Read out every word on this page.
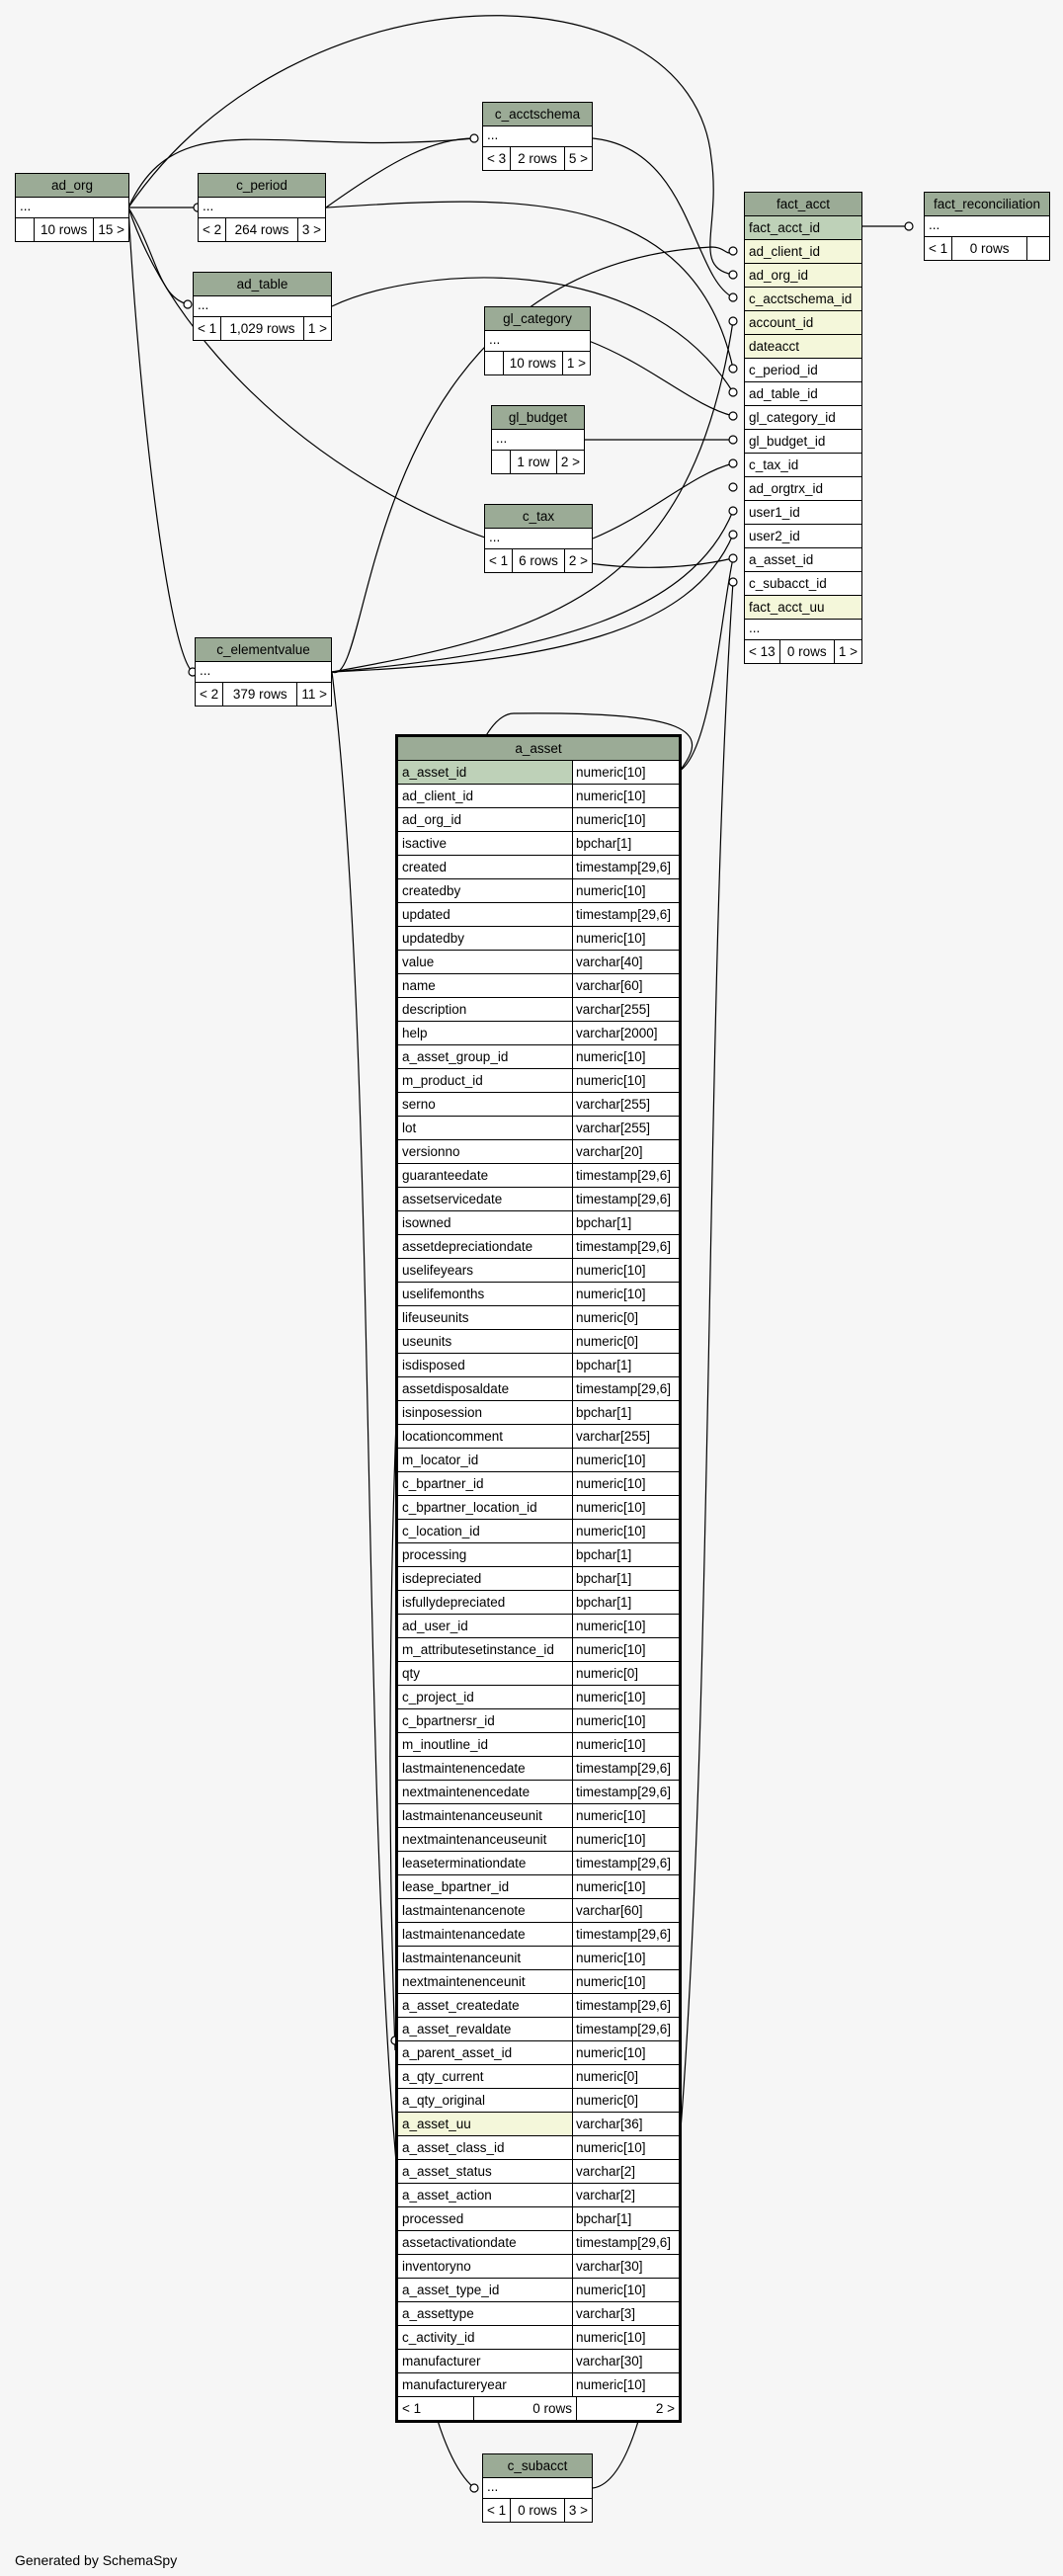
ad_org
...
10 rows 15 >
c_period
...
< 2 264 rows 3 >
ad_table
...
< 1 1,029 rows 1 >
c_acctschema
...
< 3 2 rows 5 >
gl_category
...
10 rows 1 >
gl_budget
...
1 row 2 >
c_tax
...
< 1 6 rows 2 >
c_elementvalue
...
< 2	379 rows	11 >
fact_reconciliation
...
< 1	0 rows
fact_acct
fact_acct_id
ad_client_id
ad_org_id
c_acctschema_id
account_id
dateacct
c_period_id
ad_table_id
gl_category_id
gl_budget_id
c_tax_id
ad_orgtrx_id
user1_id
user2_id
a_asset_id
c_subacct_id
fact_acct_uu
...
< 13 0 rows 1 >
c_subacct
...
< 1 0 rows 3 >
a_asset
a_asset_id	numeric[10]
ad_client_id	numeric[10]
ad_org_id	numeric[10]
isactive	bpchar[1]
created	timestamp[29,6]
createdby	numeric[10]
updated	timestamp[29,6]
updatedby	numeric[10]
value	varchar[40]
name	varchar[60]
description	varchar[255]
help	varchar[2000]
a_asset_group_id	numeric[10]
m_product_id	numeric[10]
serno	varchar[255]
lot	varchar[255]
versionno	varchar[20]
guaranteedate	timestamp[29,6]
assetservicedate	timestamp[29,6]
isowned	bpchar[1]
assetdepreciationdate	timestamp[29,6]
uselifeyears	numeric[10]
uselifemonths	numeric[10]
lifeuseunits	numeric[0]
useunits	numeric[0]
isdisposed	bpchar[1]
assetdisposaldate	timestamp[29,6]
isinposession	bpchar[1]
locationcomment	varchar[255]
m_locator_id	numeric[10]
c_bpartner_id	numeric[10]
c_bpartner_location_id	numeric[10]
c_location_id	numeric[10]
processing	bpchar[1]
isdepreciated	bpchar[1]
isfullydepreciated	bpchar[1]
ad_user_id	numeric[10]
m_attributesetinstance_id	numeric[10]
qty	numeric[0]
c_project_id	numeric[10]
c_bpartnersr_id	numeric[10]
m_inoutline_id	numeric[10]
lastmaintenencedate	timestamp[29,6]
nextmaintenencedate	timestamp[29,6]
lastmaintenanceuseunit	numeric[10]
nextmaintenanceuseunit	numeric[10]
leaseterminationdate	timestamp[29,6]
lease_bpartner_id	numeric[10]
lastmaintenancenote	varchar[60]
lastmaintenancedate	timestamp[29,6]
lastmaintenanceunit	numeric[10]
nextmaintenenceunit	numeric[10]
a_asset_createdate	timestamp[29,6]
a_asset_revaldate	timestamp[29,6]
a_parent_asset_id	numeric[10]
a_qty_current	numeric[0]
a_qty_original	numeric[0]
a_asset_uu	varchar[36]
a_asset_class_id	numeric[10]
a_asset_status	varchar[2]
a_asset_action	varchar[2]
processed	bpchar[1]
assetactivationdate	timestamp[29,6]
inventoryno	varchar[30]
a_asset_type_id	numeric[10]
a_assettype	varchar[3]
c_activity_id	numeric[10]
manufacturer	varchar[30]
manufactureryear	numeric[10]
< 1	0 rows	2 >
Generated by SchemaSpy
